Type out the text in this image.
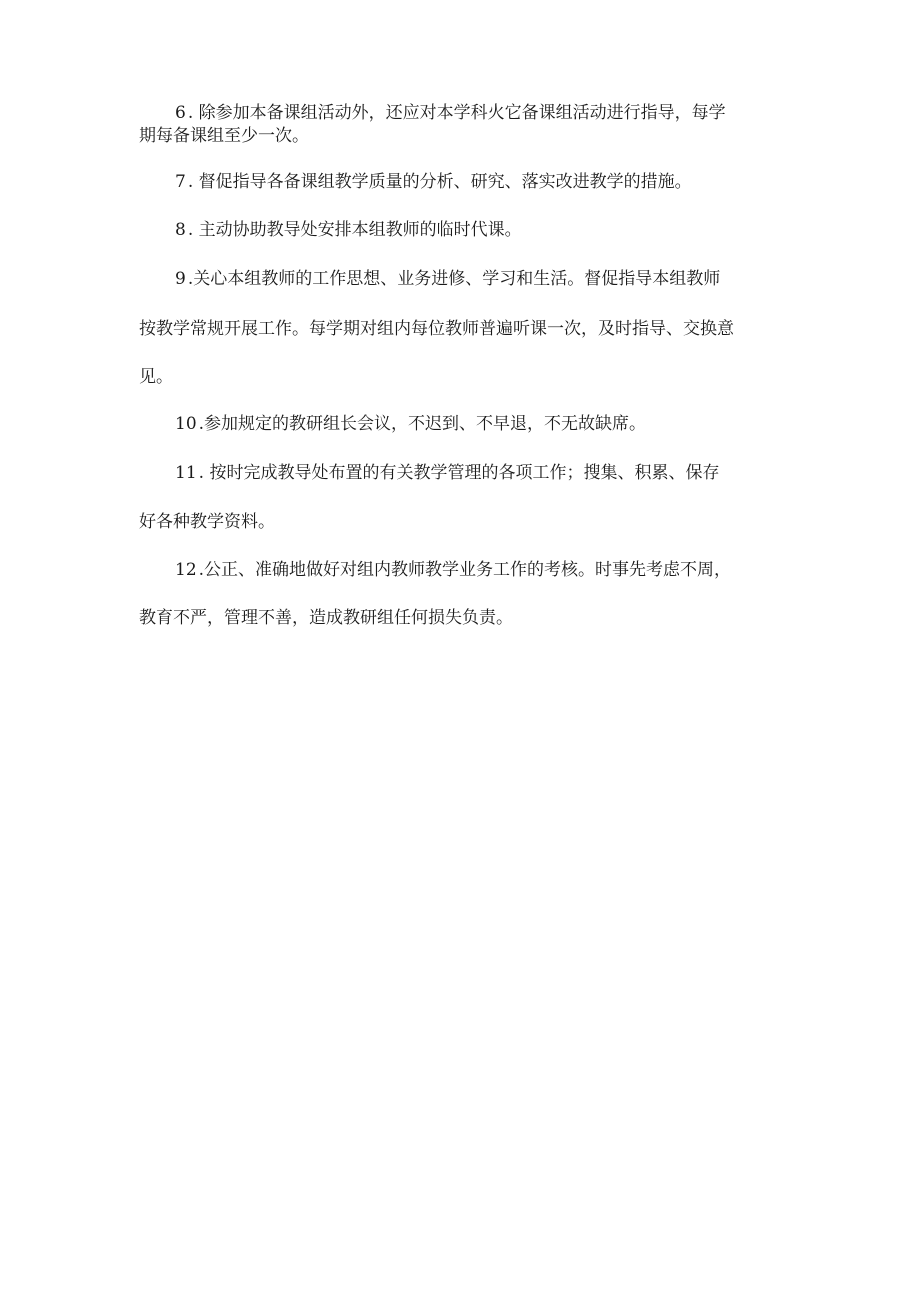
6 . 除参加本备课组活动外，还应对本学科火它备课组活动进行指导，每学
期每备课组至少一次。
7 . 督促指导各备课组教学质量的分析、研究、落实改进教学的措施。
8 . 主动协助教导处安排本组教师的临时代课。
9 .关心本组教师的工作思想、业务进修、学习和生活。督促指导本组教师
按教学常规开展工作。每学期对组内每位教师普遍听课一次，及时指导、交换意
见。
10 .参加规定的教研组长会议，不迟到、不早退，不无故缺席。
11 . 按时完成教导处布置的有关教学管理的各项工作；搜集、积累、保存
好各种教学资料。
12 .公正、准确地做好对组内教师教学业务工作的考核。时事先考虑不周，
教育不严，管理不善，造成教研组任何损失负责。
